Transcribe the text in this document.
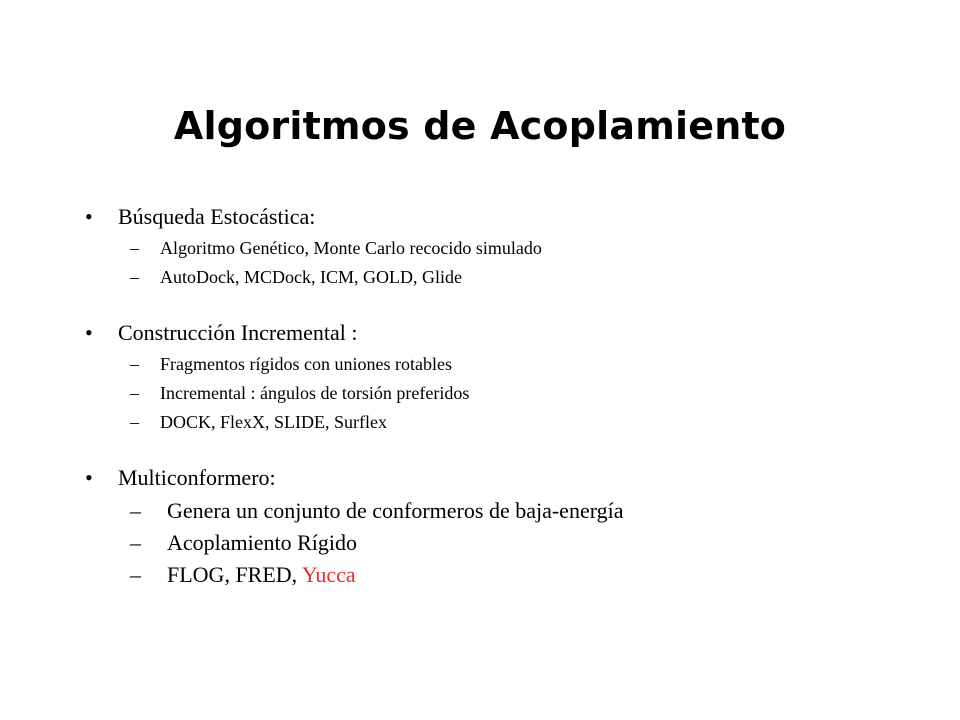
Algoritmos de Acoplamiento
•	Búsqueda Estocástica:
– Algoritmo Genético, Monte Carlo recocido simulado
– AutoDock, MCDock, ICM, GOLD, Glide
•	Construcción Incremental :
– Fragmentos rígidos con uniones rotables
– Incremental : ángulos de torsión preferidos
– DOCK, FlexX, SLIDE, Surflex
•	Multiconformero:
– Genera un conjunto de conformeros de baja-energía
– Acoplamiento Rígido
– FLOG, FRED, Yucca
